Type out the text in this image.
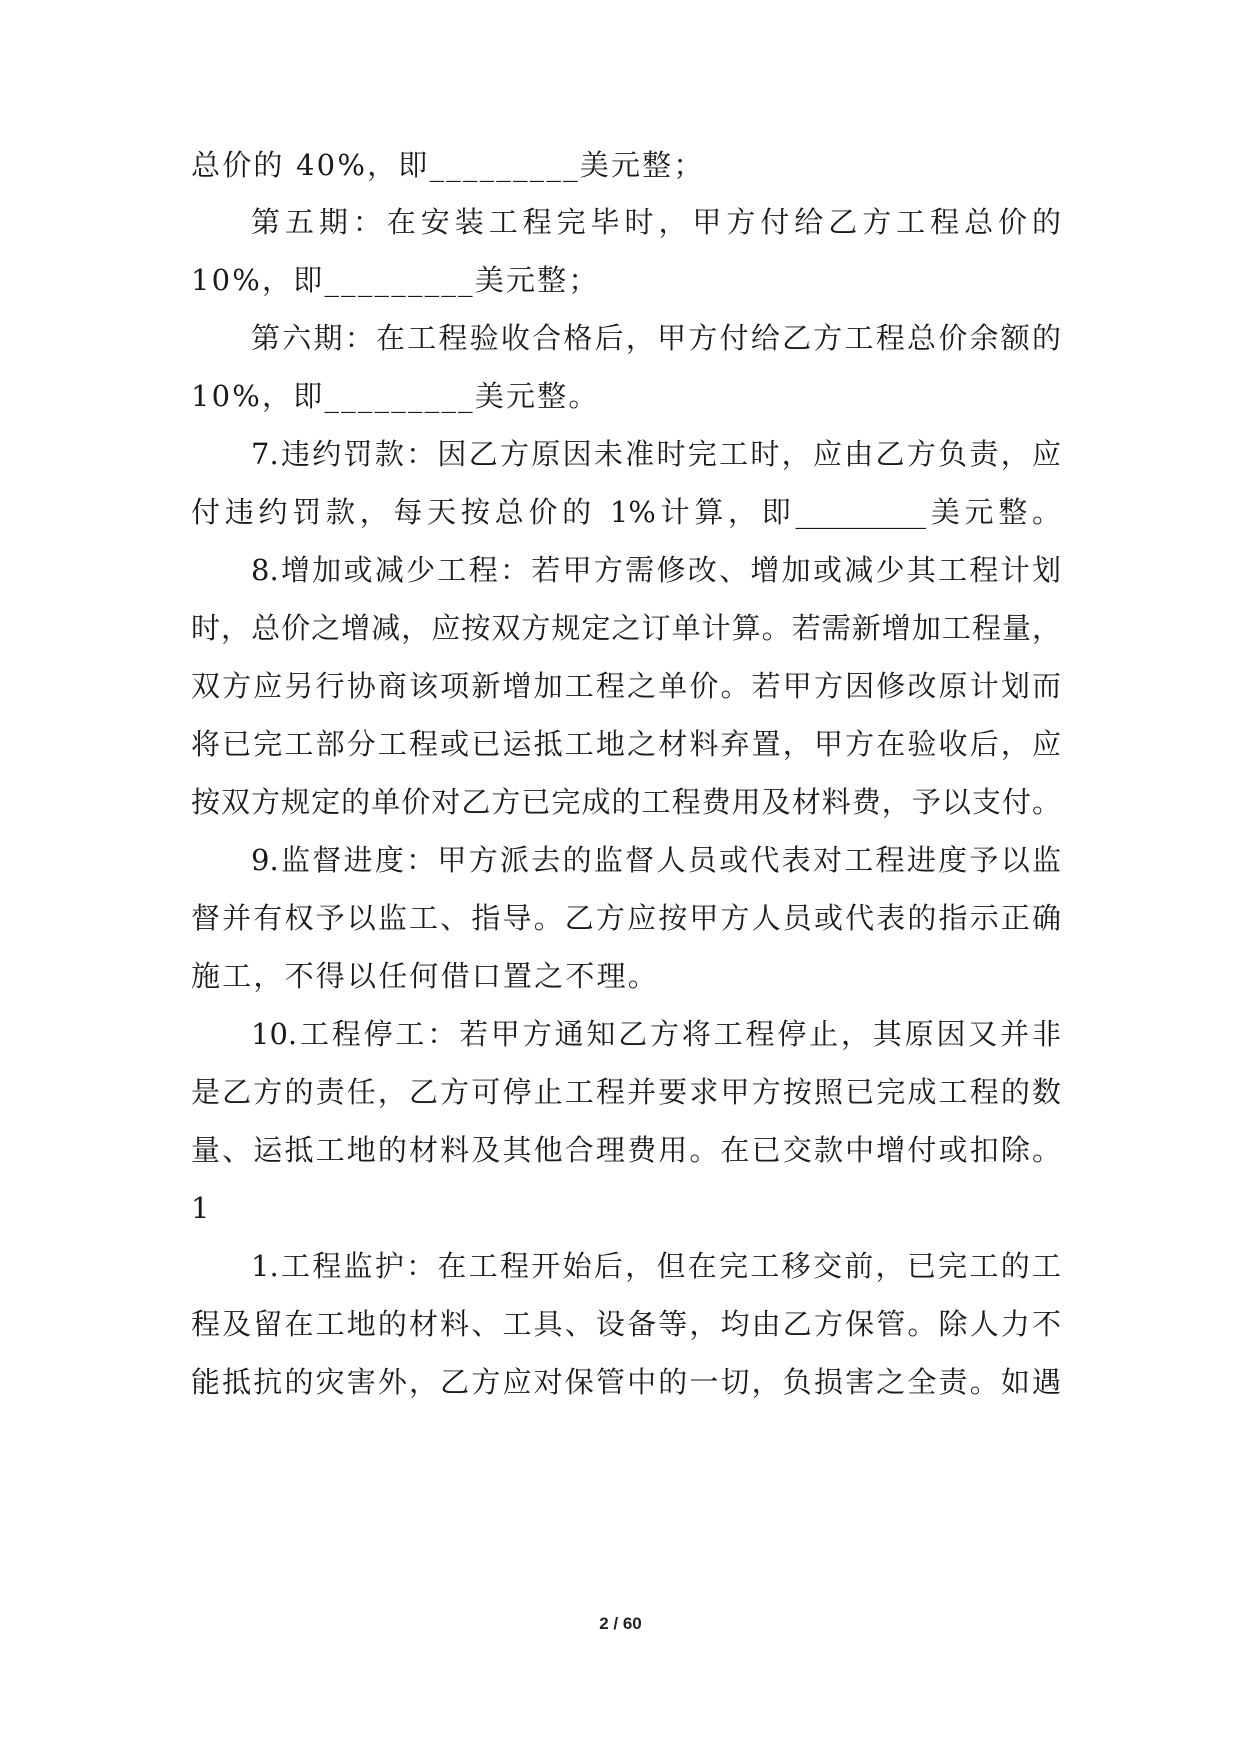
总价的 40%，即_________美元整；
第五期：在安装工程完毕时，甲方付给乙方工程总价的
10%，即_________美元整；
第六期：在工程验收合格后，甲方付给乙方工程总价余额的
10%，即_________美元整。
7.违约罚款：因乙方原因未准时完工时，应由乙方负责，应
付违约罚款，每天按总价的 1%计算，即_________美元整。
8.增加或减少工程：若甲方需修改、增加或减少其工程计划
时，总价之增减，应按双方规定之订单计算。若需新增加工程量，
双方应另行协商该项新增加工程之单价。若甲方因修改原计划而
将已完工部分工程或已运抵工地之材料弃置，甲方在验收后，应
按双方规定的单价对乙方已完成的工程费用及材料费，予以支付。
9.监督进度：甲方派去的监督人员或代表对工程进度予以监
督并有权予以监工、指导。乙方应按甲方人员或代表的指示正确
施工，不得以任何借口置之不理。
10.工程停工：若甲方通知乙方将工程停止，其原因又并非
是乙方的责任，乙方可停止工程并要求甲方按照已完成工程的数
量、运抵工地的材料及其他合理费用。在已交款中增付或扣除。
1
1.工程监护：在工程开始后，但在完工移交前，已完工的工
程及留在工地的材料、工具、设备等，均由乙方保管。除人力不
能抵抗的灾害外，乙方应对保管中的一切，负损害之全责。如遇
2 / 60
